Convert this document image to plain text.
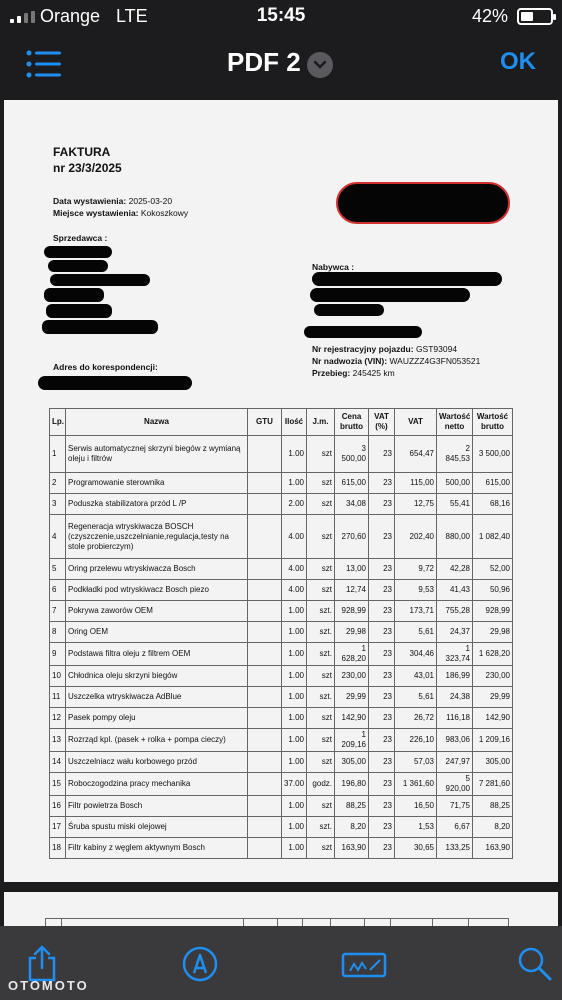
Orange LTE	15:45	42%
PDF 2	OK
FAKTURA
nr 23/3/2025
Data wystawienia: 2025-03-20
Miejsce wystawienia: Kokoszkowy
Sprzedawca :
Nabywca :
Nr rejestracyjny pojazdu: GST93094
Nr nadwozia (VIN): WAUZZZ4G3FN053521
Przebieg: 245425 km
Adres do korespondencji:
Lp.	Nazwa	GTU	Ilość	J.m.	Cena brutto	VAT (%)	VAT	Wartość netto	Wartość brutto
1	Serwis automatycznej skrzyni biegów z wymianą oleju i filtrów		1.00	szt	3 500,00	23	654,47	2 845,53	3 500,00
2	Programowanie sterownika		1.00	szt	615,00	23	115,00	500,00	615,00
3	Poduszka stabilizatora przód L /P		2.00	szt	34,08	23	12,75	55,41	68,16
4	Regeneracja wtryskiwacza BOSCH (czyszczenie,uszczelnianie,regulacja,testy na stole probierczym)		4.00	szt	270,60	23	202,40	880,00	1 082,40
5	Oring przelewu wtryskiwacza Bosch		4.00	szt	13,00	23	9,72	42,28	52,00
6	Podkładki pod wtryskiwacz Bosch piezo		4.00	szt	12,74	23	9,53	41,43	50,96
7	Pokrywa zaworów OEM		1.00	szt.	928,99	23	173,71	755,28	928,99
8	Oring OEM		1.00	szt.	29,98	23	5,61	24,37	29,98
9	Podstawa filtra oleju z filtrem OEM		1.00	szt.	1 628,20	23	304,46	1 323,74	1 628,20
10	Chłodnica oleju skrzyni biegów		1.00	szt	230,00	23	43,01	186,99	230,00
11	Uszczelka wtryskiwacza AdBlue		1.00	szt.	29,99	23	5,61	24,38	29,99
12	Pasek pompy oleju		1.00	szt	142,90	23	26,72	116,18	142,90
13	Rozrząd kpl. (pasek + rolka + pompa cieczy)		1.00	szt	1 209,16	23	226,10	983,06	1 209,16
14	Uszczelniacz wału korbowego przód		1.00	szt	305,00	23	57,03	247,97	305,00
15	Roboczogodzina pracy mechanika		37.00	godz.	196,80	23	1 361,60	5 920,00	7 281,60
16	Filtr powietrza Bosch		1.00	szt	88,25	23	16,50	71,75	88,25
17	Śruba spustu miski olejowej		1.00	szt.	8,20	23	1,53	6,67	8,20
18	Filtr kabiny z węglem aktywnym Bosch		1.00	szt	163,90	23	30,65	133,25	163,90

OTOMOTO
